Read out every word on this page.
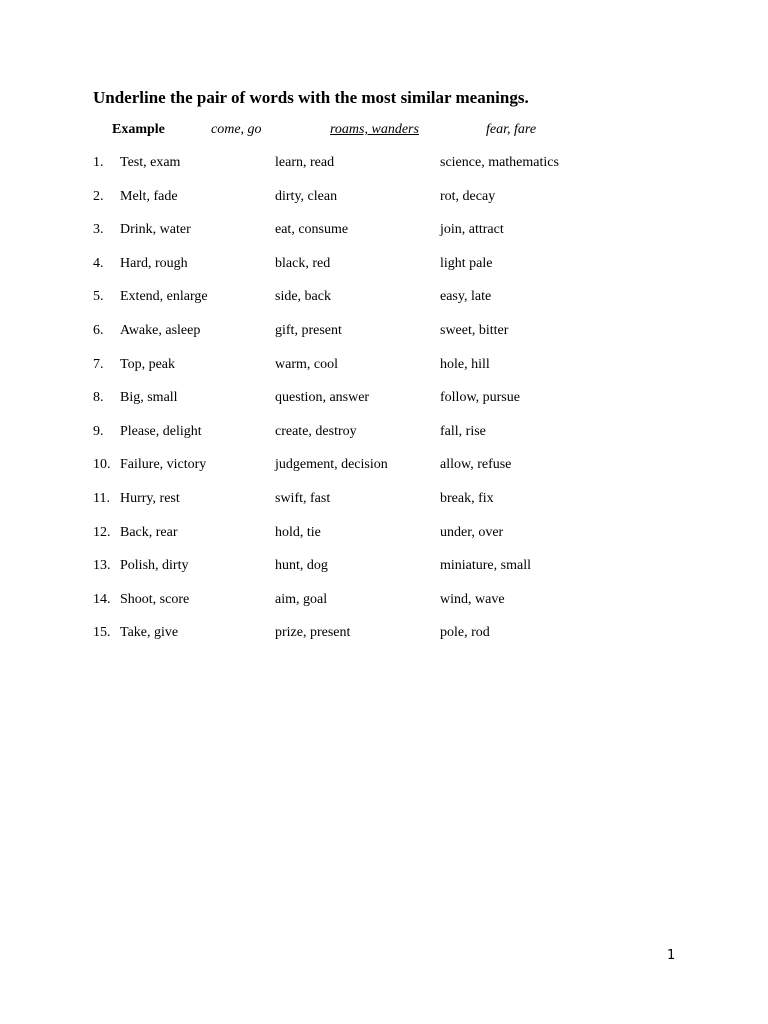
Underline the pair of words with the most similar meanings.
Example	come, go	roams, wanders	fear, fare
1. Test, exam	learn, read	science, mathematics
2. Melt, fade	dirty, clean	rot, decay
3. Drink, water	eat, consume	join, attract
4. Hard, rough	black, red	light pale
5. Extend, enlarge	side, back	easy, late
6. Awake, asleep	gift, present	sweet, bitter
7. Top, peak	warm, cool	hole, hill
8. Big, small	question, answer	follow, pursue
9. Please, delight	create, destroy	fall, rise
10. Failure, victory	judgement, decision	allow, refuse
11. Hurry, rest	swift, fast	break, fix
12. Back, rear	hold, tie	under, over
13. Polish, dirty	hunt, dog	miniature, small
14. Shoot, score	aim, goal	wind, wave
15. Take, give	prize, present	pole, rod
1
